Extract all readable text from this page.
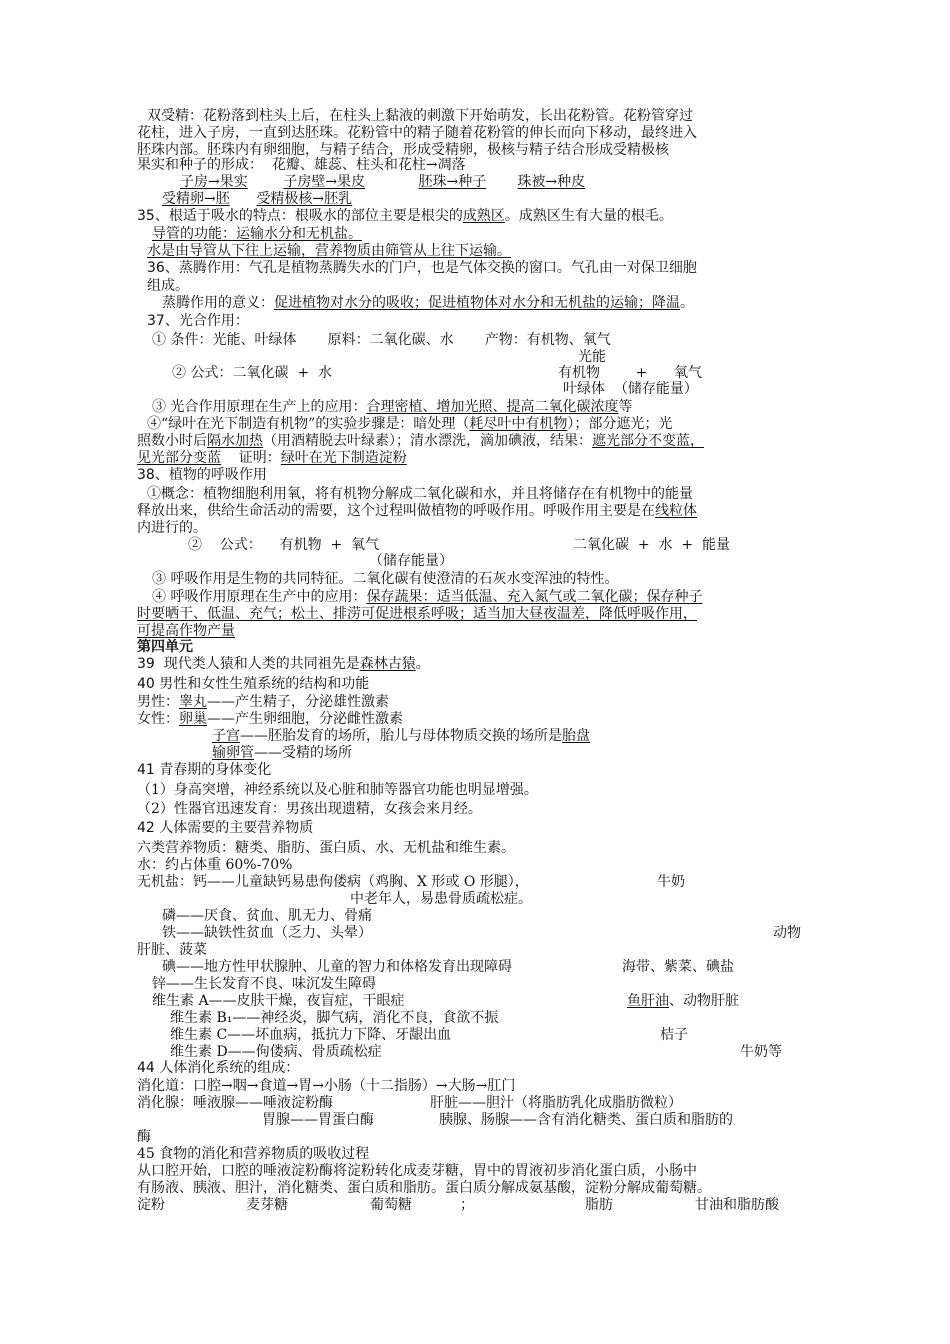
双受精：花粉落到柱头上后，在柱头上黏液的刺激下开始萌发，长出花粉管。花粉管穿过
花柱，进入子房，一直到达胚珠。花粉管中的精子随着花粉管的伸长而向下移动，最终进入
胚珠内部。胚珠内有卵细胞，与精子结合，形成受精卵，极核与精子结合形成受精极核
果实和种子的形成：  花瓣、雄蕊、柱头和花柱→凋落
子房→果实	子房壁→果皮	胚珠→种子 珠被→种皮
受精卵→胚 受精极核→胚乳
35、根适于吸水的特点：根吸水的部位主要是根尖的成熟区。成熟区生有大量的根毛。
导管的功能：运输水分和无机盐。
水是由导管从下往上运输，营养物质由筛管从上往下运输。
36、蒸腾作用：气孔是植物蒸腾失水的门户，也是气体交换的窗口。气孔由一对保卫细胞
组成。
蒸腾作用的意义：促进植物对水分的吸收；促进植物体对水分和无机盐的运输；降温。
37、光合作用：
① 条件：光能、叶绿体       原料：二氧化碳、水       产物：有机物、氧气
光能
② 公式：二氧化碳  +  水	有机物        +      氧气
叶绿体  （储存能量）
③ 光合作用原理在生产上的应用：合理密植、增加光照、提高二氧化碳浓度等
④“绿叶在光下制造有机物”的实验步骤是：暗处理（耗尽叶中有机物）；部分遮光；光
照数小时后隔水加热（用酒精脱去叶绿素）；清水漂洗，滴加碘液，结果：遮光部分不变蓝，
见光部分变蓝    证明：绿叶在光下制造淀粉
38、植物的呼吸作用
①概念：植物细胞利用氧，将有机物分解成二氧化碳和水，并且将储存在有机物中的能量
释放出来，供给生命活动的需要，这个过程叫做植物的呼吸作用。呼吸作用主要是在线粒体
内进行的。
②    公式：    有机物  +  氧气	二氧化碳  +  水  +  能量
（储存能量）
③ 呼吸作用是生物的共同特征。二氧化碳有使澄清的石灰水变浑浊的特性。
④ 呼吸作用原理在生产中的应用：保存蔬果：适当低温、充入氮气或二氧化碳；保存种子
时要晒干、低温、充气；松土、排涝可促进根系呼吸；适当加大昼夜温差，降低呼吸作用，
可提高作物产量
第四单元
39  现代类人猿和人类的共同祖先是森林古猿。
40 男性和女性生殖系统的结构和功能
男性：睾丸——产生精子，分泌雄性激素
女性：卵巢——产生卵细胞，分泌雌性激素
子宫——胚胎发育的场所，胎儿与母体物质交换的场所是胎盘
输卵管——受精的场所
41 青春期的身体变化
（1）身高突增，神经系统以及心脏和肺等器官功能也明显增强。
（2）性器官迅速发育：男孩出现遗精，女孩会来月经。
42 人体需要的主要营养物质
六类营养物质：糖类、脂肪、蛋白质、水、无机盐和维生素。
水：约占体重 60%-70%
无机盐：钙——儿童缺钙易患佝偻病（鸡胸、X 形或 O 形腿），	牛奶
中老年人，易患骨质疏松症。
磷——厌食、贫血、肌无力、骨痛
铁——缺铁性贫血（乏力、头晕）	动物
肝脏、菠菜
碘——地方性甲状腺肿、儿童的智力和体格发育出现障碍	海带、紫菜、碘盐
锌——生长发育不良、味沉发生障碍
维生素 A——皮肤干燥，夜盲症，干眼症	鱼肝油、动物肝脏
维生素 B₁——神经炎，脚气病，消化不良，食欲不振
维生素 C——坏血病，抵抗力下降、牙龈出血	桔子
维生素 D——佝偻病、骨质疏松症	牛奶等
44 人体消化系统的组成：
消化道：口腔→咽→食道→胃→小肠（十二指肠）→大肠→肛门
消化腺：唾液腺——唾液淀粉酶	肝脏——胆汁（将脂肪乳化成脂肪微粒）
胃腺——胃蛋白酶	胰腺、肠腺——含有消化糖类、蛋白质和脂肪的
酶
45 食物的消化和营养物质的吸收过程
从口腔开始，口腔的唾液淀粉酶将淀粉转化成麦芽糖，胃中的胃液初步消化蛋白质，小肠中
有肠液、胰液、胆汁，消化糖类、蛋白质和脂肪。蛋白质分解成氨基酸，淀粉分解成葡萄糖。
淀粉	麦芽糖	葡萄糖	；	脂肪	甘油和脂肪酸
